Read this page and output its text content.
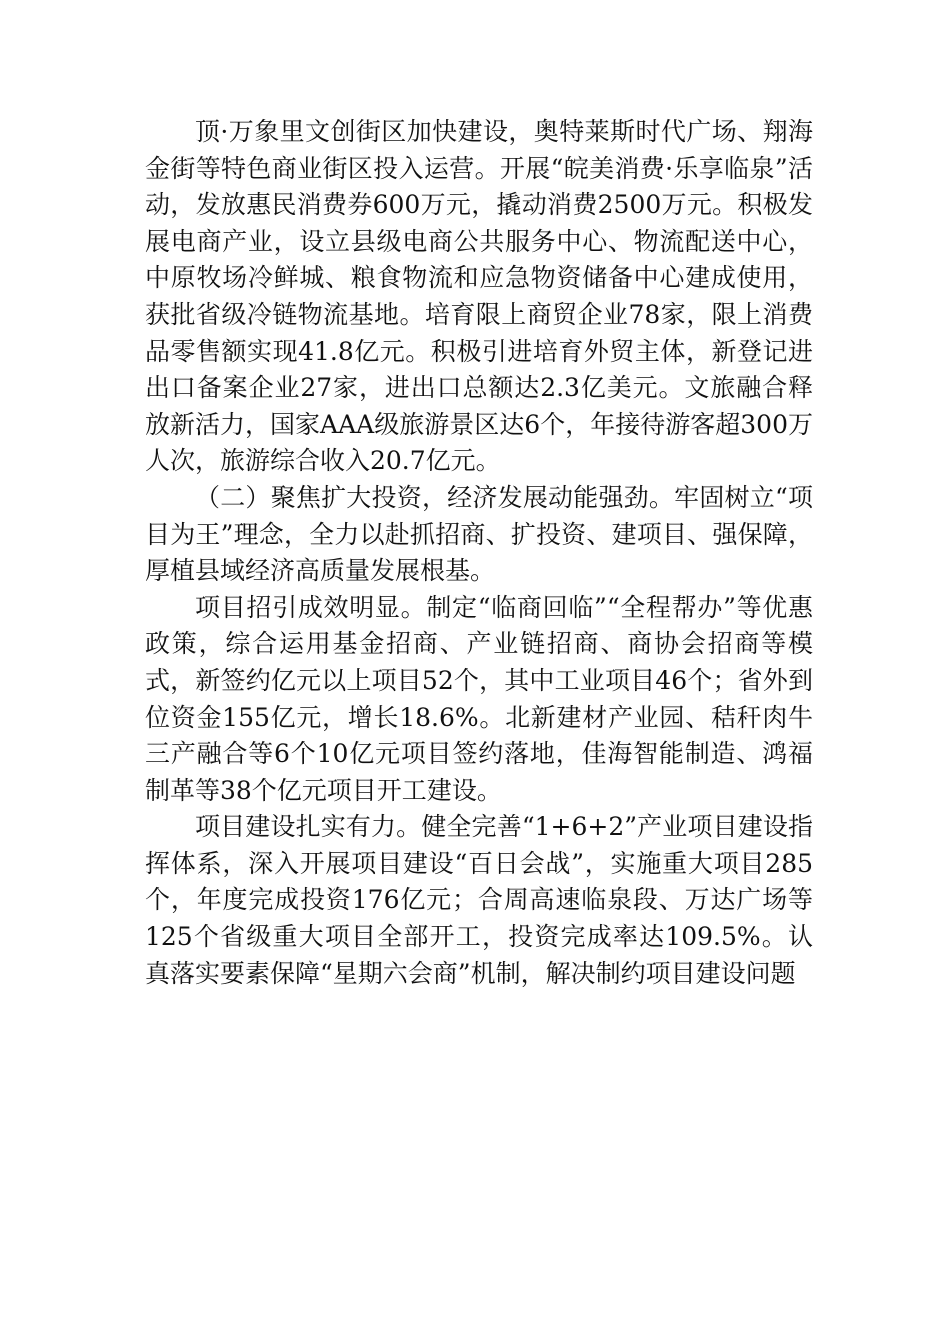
顶·万象里文创街区加快建设，奥特莱斯时代广场、翔海金街等特色商业街区投入运营。开展“皖美消费·乐享临泉”活动，发放惠民消费券600万元，撬动消费2500万元。积极发展电商产业，设立县级电商公共服务中心、物流配送中心，中原牧场冷鲜城、粮食物流和应急物资储备中心建成使用，获批省级冷链物流基地。培育限上商贸企业78家，限上消费品零售额实现41.8亿元。积极引进培育外贸主体，新登记进出口备案企业27家，进出口总额达2.3亿美元。文旅融合释放新活力，国家AAA级旅游景区达6个，年接待游客超300万人次，旅游综合收入20.7亿元。

（二）聚焦扩大投资，经济发展动能强劲。牢固树立“项目为王”理念，全力以赴抓招商、扩投资、建项目、强保障，厚植县域经济高质量发展根基。

项目招引成效明显。制定“临商回临”“全程帮办”等优惠政策，综合运用基金招商、产业链招商、商协会招商等模式，新签约亿元以上项目52个，其中工业项目46个；省外到位资金155亿元，增长18.6%。北新建材产业园、秸秆肉牛三产融合等6个10亿元项目签约落地，佳海智能制造、鸿福制革等38个亿元项目开工建设。

项目建设扎实有力。健全完善“1+6+2”产业项目建设指挥体系，深入开展项目建设“百日会战”，实施重大项目285个，年度完成投资176亿元；合周高速临泉段、万达广场等125个省级重大项目全部开工，投资完成率达109.5%。认真落实要素保障“星期六会商”机制，解决制约项目建设问题
